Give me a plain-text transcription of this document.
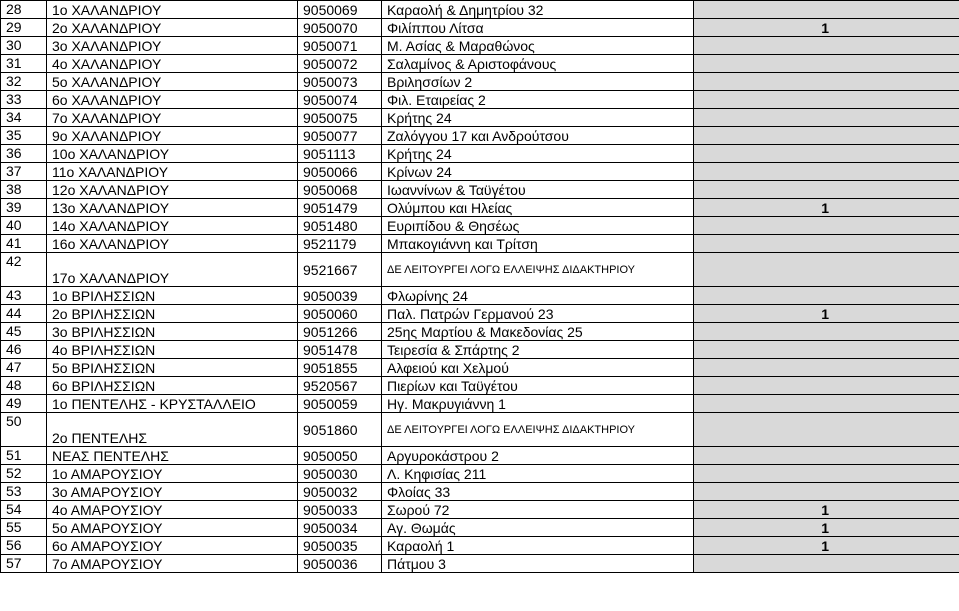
28	1ο ΧΑΛΑΝΔΡΙΟΥ	9050069	Καραολή & Δημητρίου 32	
29	2ο ΧΑΛΑΝΔΡΙΟΥ	9050070	Φιλίππου Λίτσα	1
30	3ο ΧΑΛΑΝΔΡΙΟΥ	9050071	Μ. Ασίας & Μαραθώνος	
31	4ο ΧΑΛΑΝΔΡΙΟΥ	9050072	Σαλαμίνος & Αριστοφάνους	
32	5ο ΧΑΛΑΝΔΡΙΟΥ	9050073	Βριλησσίων 2	
33	6ο ΧΑΛΑΝΔΡΙΟΥ	9050074	Φιλ. Εταιρείας 2	
34	7ο ΧΑΛΑΝΔΡΙΟΥ	9050075	Κρήτης 24	
35	9ο ΧΑΛΑΝΔΡΙΟΥ	9050077	Ζαλόγγου 17 και Ανδρούτσου	
36	10ο ΧΑΛΑΝΔΡΙΟΥ	9051113	Κρήτης 24	
37	11ο ΧΑΛΑΝΔΡΙΟΥ	9050066	Κρίνων 24	
38	12ο ΧΑΛΑΝΔΡΙΟΥ	9050068	Ιωαννίνων & Ταϋγέτου	
39	13ο ΧΑΛΑΝΔΡΙΟΥ	9051479	Ολύμπου και Ηλείας	1
40	14ο ΧΑΛΑΝΔΡΙΟΥ	9051480	Ευριπίδου & Θησέως	
41	16ο ΧΑΛΑΝΔΡΙΟΥ	9521179	Μπακογιάννη και Τρίτση	
42	17ο ΧΑΛΑΝΔΡΙΟΥ	9521667	ΔΕ ΛΕΙΤΟΥΡΓΕΙ ΛΟΓΩ ΕΛΛΕΙΨΗΣ ΔΙΔΑΚΤΗΡΙΟΥ	
43	1ο ΒΡΙΛΗΣΣΙΩΝ	9050039	Φλωρίνης 24	
44	2ο ΒΡΙΛΗΣΣΙΩΝ	9050060	Παλ. Πατρών Γερμανού 23	1
45	3ο ΒΡΙΛΗΣΣΙΩΝ	9051266	25ης Μαρτίου & Μακεδονίας 25	
46	4ο ΒΡΙΛΗΣΣΙΩΝ	9051478	Τειρεσία & Σπάρτης 2	
47	5ο ΒΡΙΛΗΣΣΙΩΝ	9051855	Αλφειού και Χελμού	
48	6ο ΒΡΙΛΗΣΣΙΩΝ	9520567	Πιερίων και Ταϋγέτου	
49	1ο ΠΕΝΤΕΛΗΣ - ΚΡΥΣΤΑΛΛΕΙΟ	9050059	Ηγ. Μακρυγιάννη 1	
50	2ο ΠΕΝΤΕΛΗΣ	9051860	ΔΕ ΛΕΙΤΟΥΡΓΕΙ ΛΟΓΩ ΕΛΛΕΙΨΗΣ ΔΙΔΑΚΤΗΡΙΟΥ	
51	ΝΕΑΣ ΠΕΝΤΕΛΗΣ	9050050	Αργυροκάστρου 2	
52	1ο ΑΜΑΡΟΥΣΙΟΥ	9050030	Λ. Κηφισίας 211	
53	3ο ΑΜΑΡΟΥΣΙΟΥ	9050032	Φλοίας 33	
54	4ο ΑΜΑΡΟΥΣΙΟΥ	9050033	Σωρού 72	1
55	5ο ΑΜΑΡΟΥΣΙΟΥ	9050034	Αγ. Θωμάς	1
56	6ο ΑΜΑΡΟΥΣΙΟΥ	9050035	Καραολή 1	1
57	7ο ΑΜΑΡΟΥΣΙΟΥ	9050036	Πάτμου 3	
